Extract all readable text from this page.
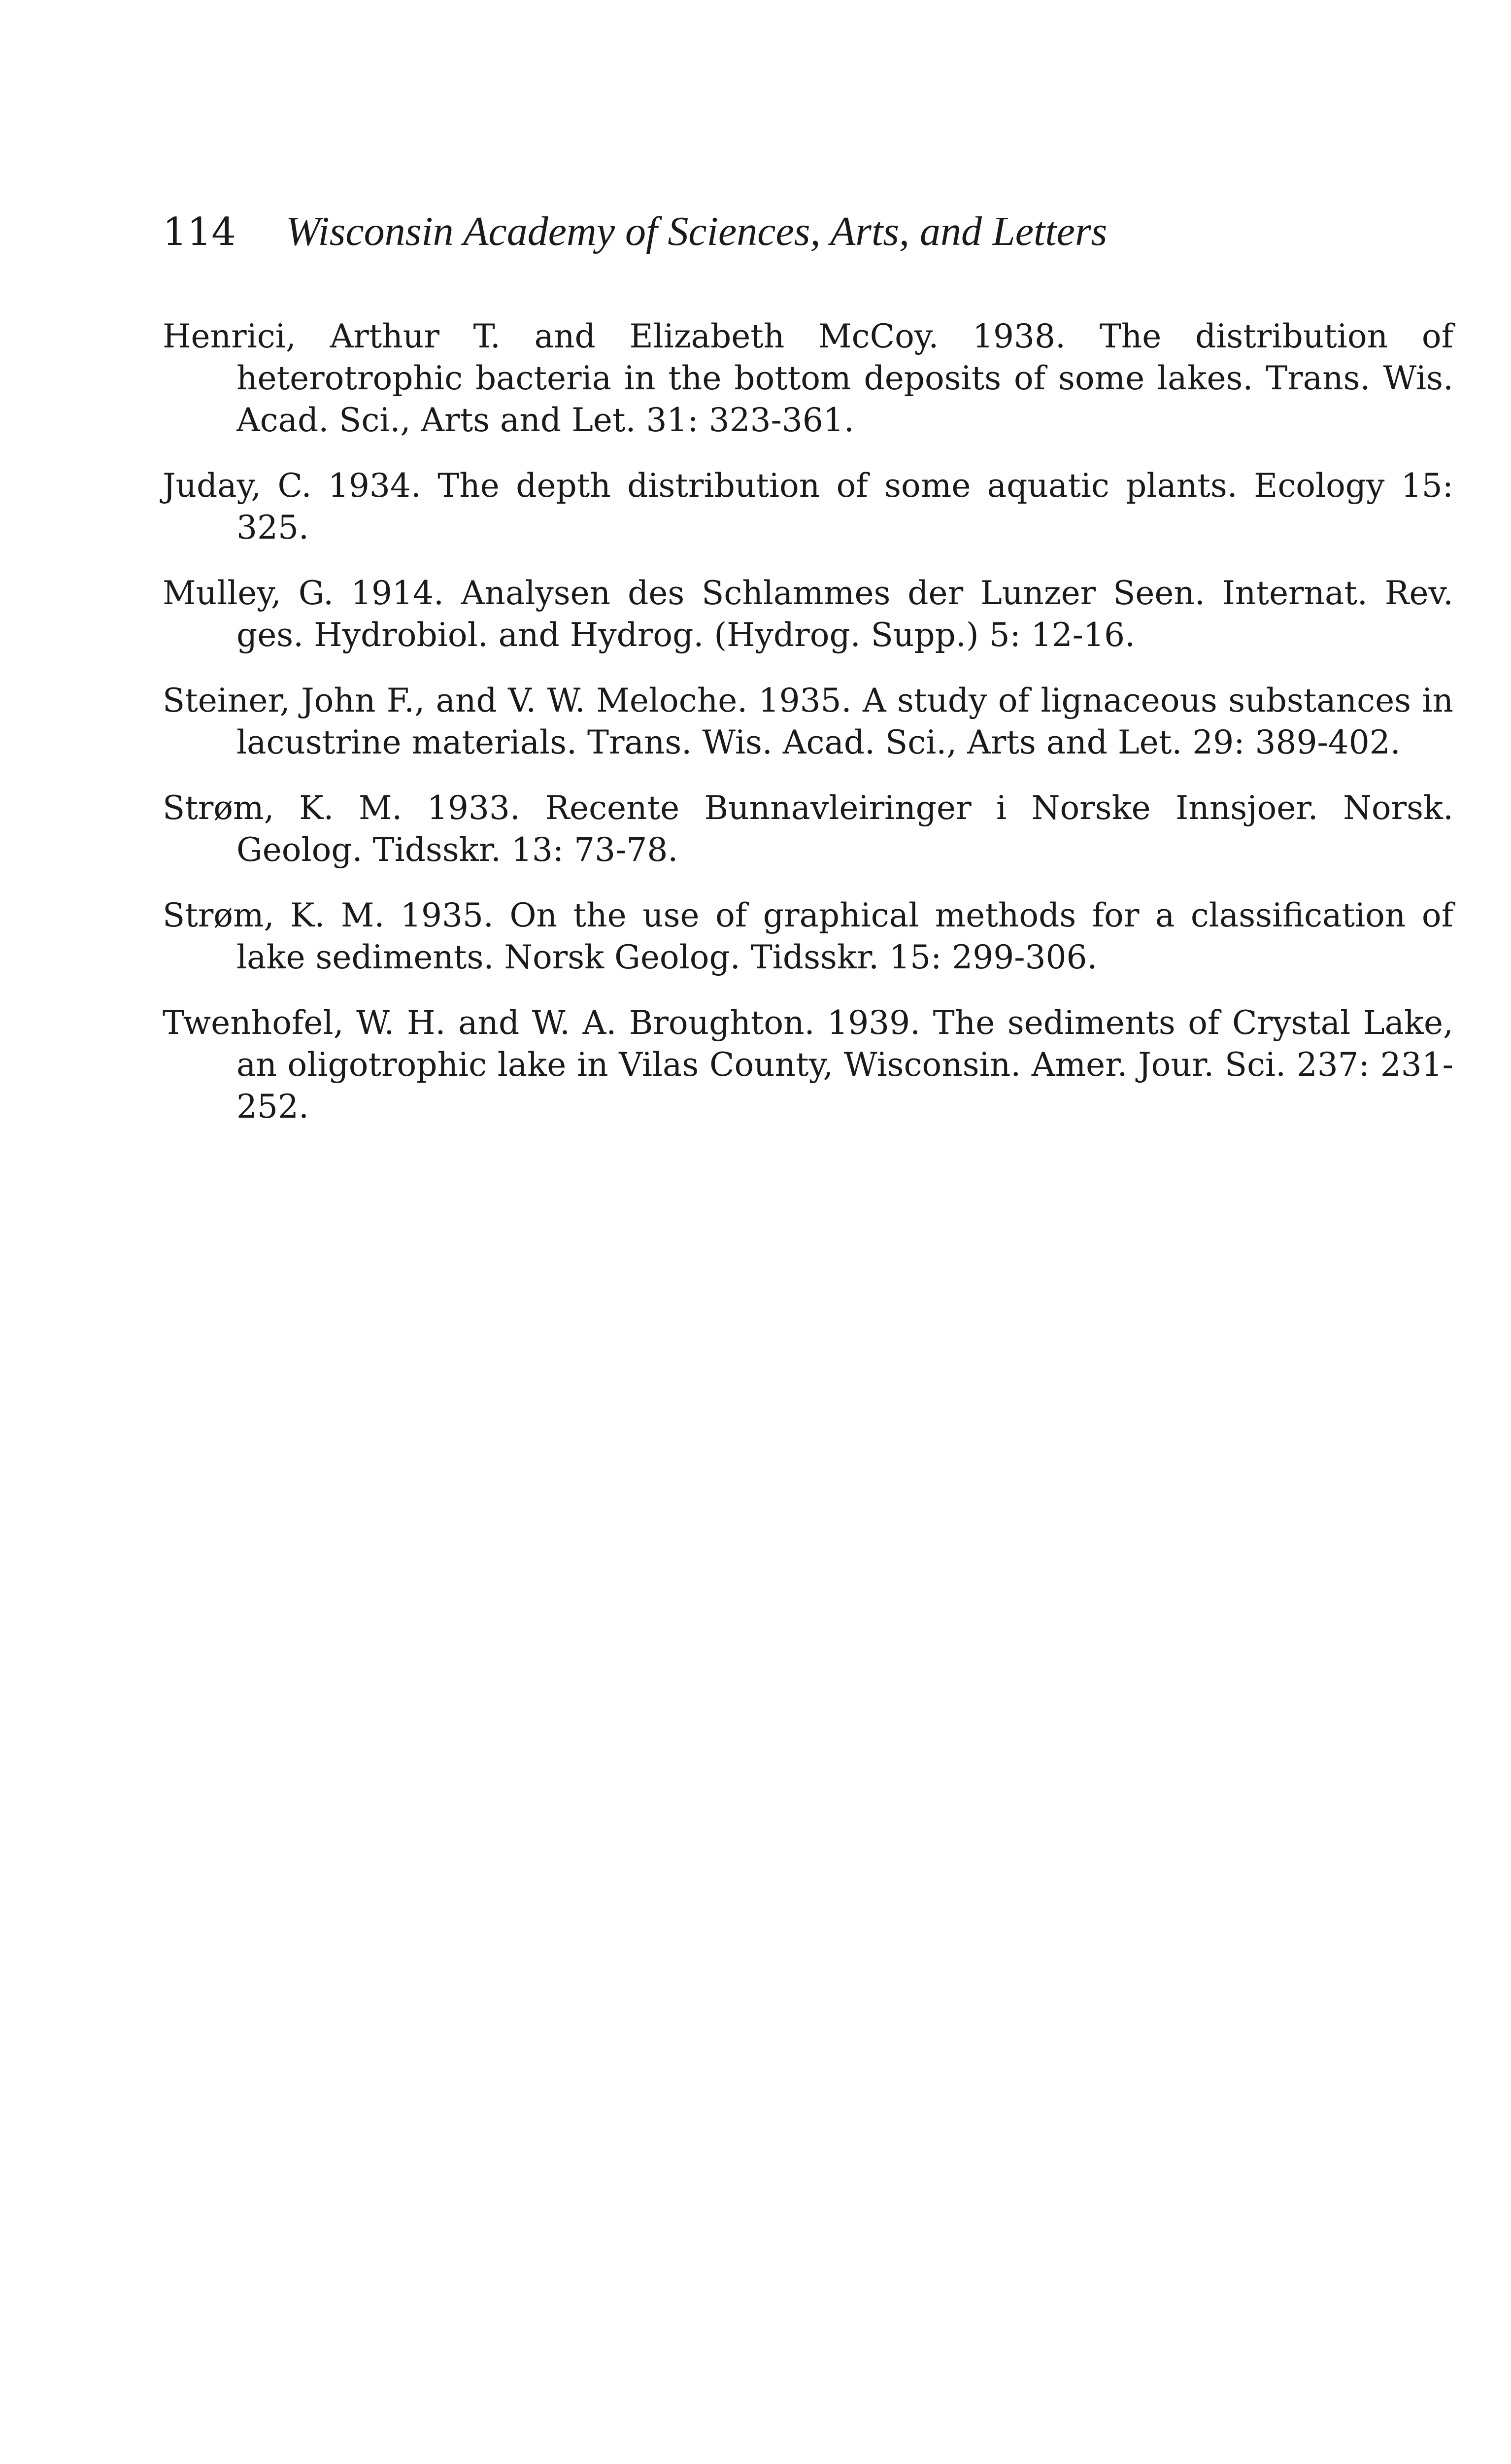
114 Wisconsin Academy of Sciences, Arts, and Letters
Henrici, Arthur T. and Elizabeth McCoy. 1938. The distribution of heterotrophic bacteria in the bottom deposits of some lakes. Trans. Wis. Acad. Sci., Arts and Let. 31: 323-361.
Juday, C. 1934. The depth distribution of some aquatic plants. Ecology 15: 325.
Mulley, G. 1914. Analysen des Schlammes der Lunzer Seen. Internat. Rev. ges. Hydrobiol. and Hydrog. (Hydrog. Supp.) 5: 12-16.
Steiner, John F., and V. W. Meloche. 1935. A study of lignaceous substances in lacustrine materials. Trans. Wis. Acad. Sci., Arts and Let. 29: 389-402.
Strøm, K. M. 1933. Recente Bunnavleiringer i Norske Innsjoer. Norsk. Geolog. Tidsskr. 13: 73-78.
Strøm, K. M. 1935. On the use of graphical methods for a classification of lake sediments. Norsk Geolog. Tidsskr. 15: 299-306.
Twenhofel, W. H. and W. A. Broughton. 1939. The sediments of Crystal Lake, an oligotrophic lake in Vilas County, Wisconsin. Amer. Jour. Sci. 237: 231-252.
